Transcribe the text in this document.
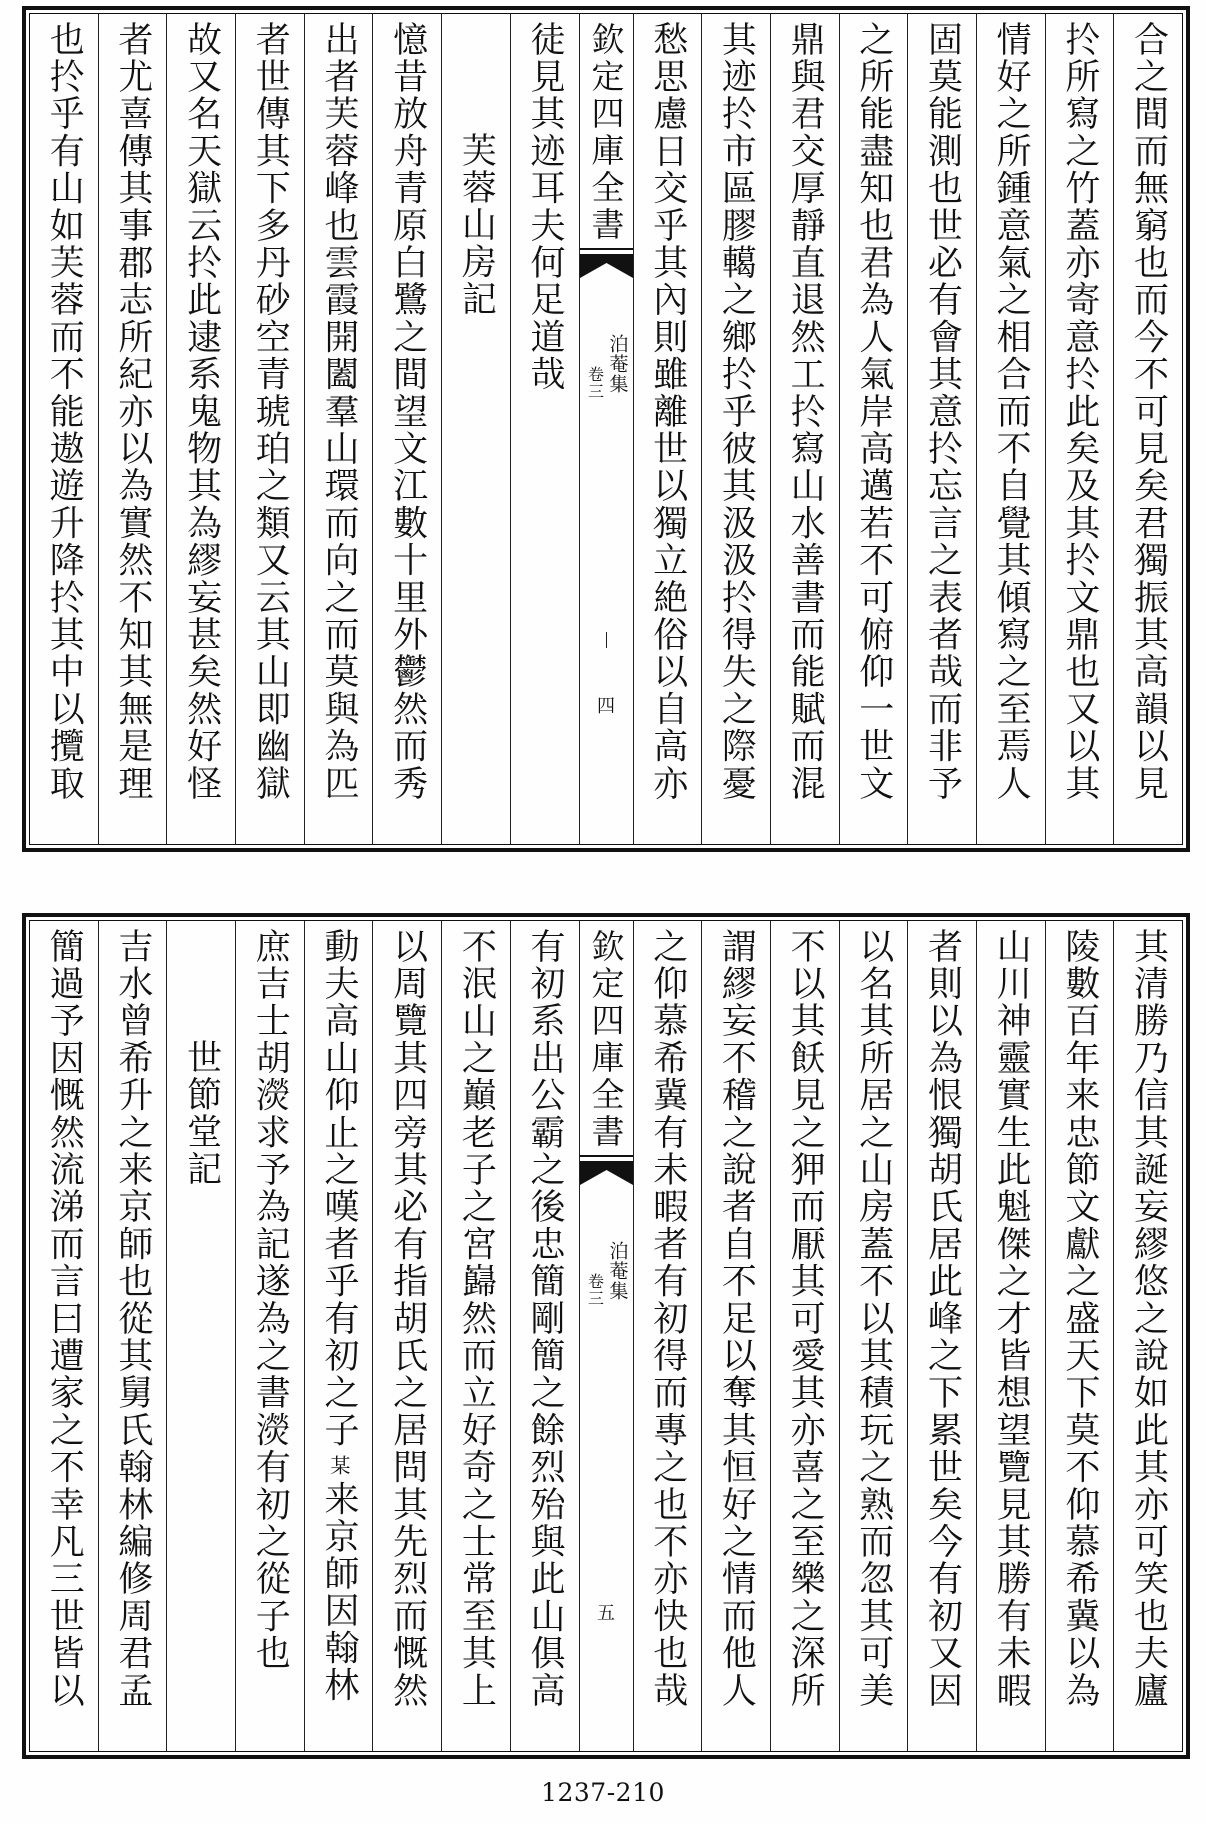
合之間而無窮也而今不可見矣君獨振其高韻以見
扵所寫之竹蓋亦寄意扵此矣及其扵文鼎也又以其
情好之所鍾意氣之相合而不自覺其傾寫之至焉人
固莫能測也世必有會其意扵忘言之表者哉而非予
之所能盡知也君為人氣岸高邁若不可俯仰一世文
鼎與君交厚靜直退然工扵寫山水善書而能賦而混
其迹扵市區膠轕之鄉扵乎彼其汲汲扵得失之際憂
愁思慮日交乎其內則雖離世以獨立絶俗以自高亦
欽定四庫全書
泊菴集
卷三
四
徒見其迹耳夫何足道哉
芙蓉山房記
憶昔放舟青原白鷺之間望文江數十里外鬱然而秀
出者芙蓉峰也雲霞開闔羣山環而向之而莫與為匹
者世傳其下多丹砂空青琥珀之類又云其山即幽獄
故又名天獄云扵此逮系鬼物其為繆妄甚矣然好怪
者尤喜傳其事郡志所紀亦以為實然不知其無是理
也扵乎有山如芙蓉而不能遨遊升降扵其中以攬取
其清勝乃信其誕妄繆悠之說如此其亦可笑也夫廬
陵數百年来忠節文獻之盛天下莫不仰慕希冀以為
山川神靈實生此魁傑之才皆想望覽見其勝有未暇
者則以為恨獨胡氏居此峰之下累世矣今有初又因
以名其所居之山房蓋不以其積玩之熟而忽其可美
不以其飫見之狎而厭其可愛其亦喜之至樂之深所
謂繆妄不稽之說者自不足以奪其恒好之情而他人
之仰慕希冀有未暇者有初得而專之也不亦快也哉
欽定四庫全書
泊菴集
卷三
五
有初系出公霸之後忠簡剛簡之餘烈殆與此山俱高
不泯山之巔老子之宮巋然而立好奇之士常至其上
以周覽其四旁其必有指胡氏之居問其先烈而慨然
動夫高山仰止之嘆者乎有初之子某来京師因翰林
庶吉士胡濙求予為記遂為之書濙有初之從子也
世節堂記
吉水曾希升之来京師也從其舅氏翰林編修周君孟
簡過予因慨然流涕而言曰遭家之不幸凡三世皆以
1237-210
